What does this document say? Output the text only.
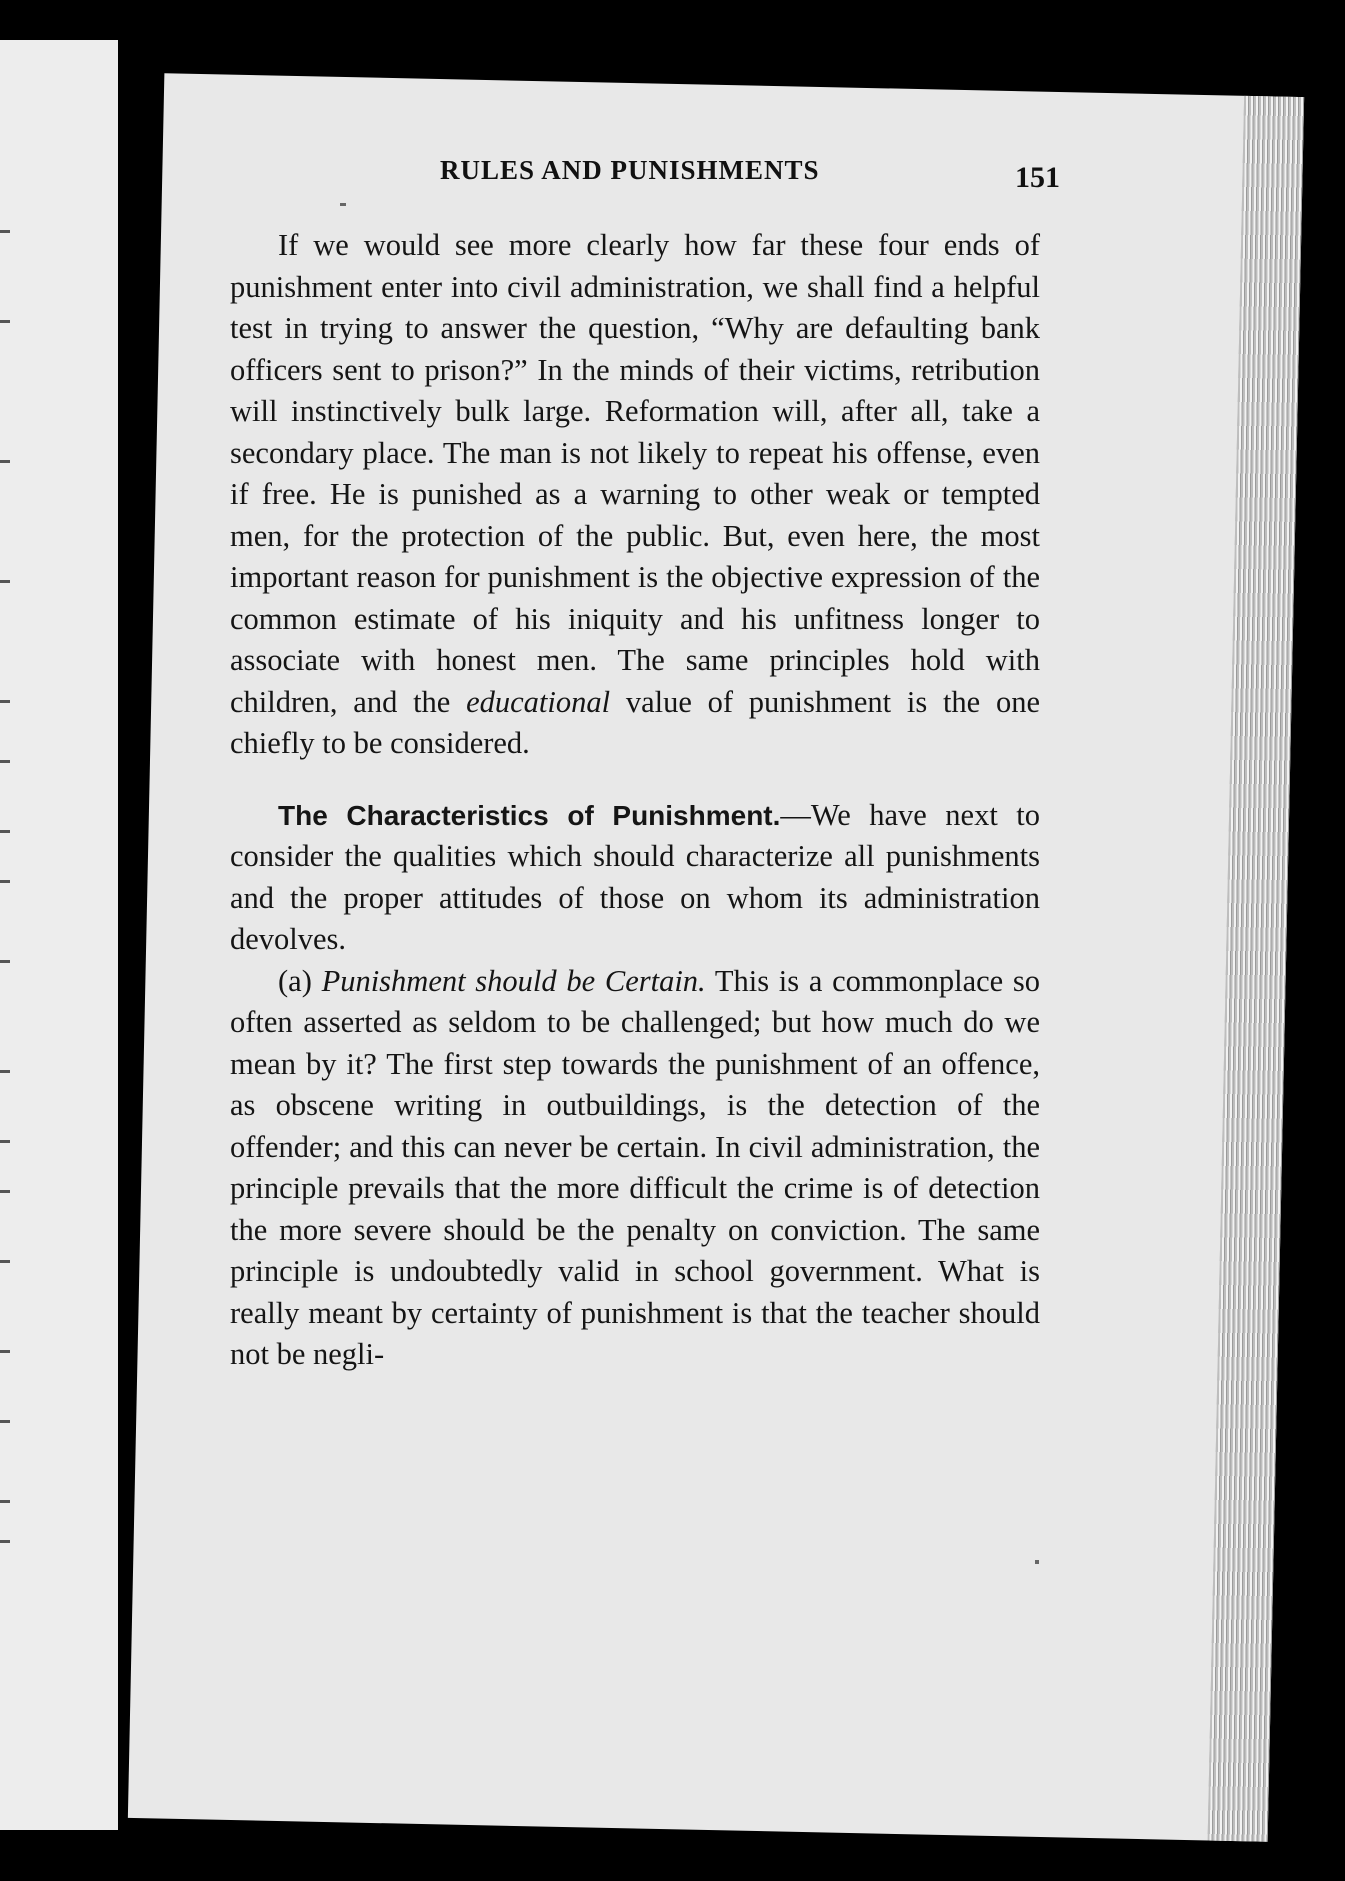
RULES AND PUNISHMENTS	151

If we would see more clearly how far these four ends of punishment enter into civil administration, we shall find a helpful test in trying to answer the question, “Why are defaulting bank officers sent to prison?” In the minds of their victims, retribution will instinctively bulk large. Reformation will, after all, take a secondary place. The man is not likely to repeat his offense, even if free. He is punished as a warning to other weak or tempted men, for the protection of the public. But, even here, the most important reason for punishment is the objective expression of the common estimate of his iniquity and his unfitness longer to associate with honest men. The same principles hold with children, and the educational value of punishment is the one chiefly to be considered.

The Characteristics of Punishment.—We have next to consider the qualities which should characterize all punishments and the proper attitudes of those on whom its administration devolves.

(a) Punishment should be Certain. This is a commonplace so often asserted as seldom to be challenged; but how much do we mean by it? The first step towards the punishment of an offence, as obscene writing in outbuildings, is the detection of the offender; and this can never be certain. In civil administration, the principle prevails that the more difficult the crime is of detection the more severe should be the penalty on conviction. The same principle is undoubtedly valid in school government. What is really meant by certainty of punishment is that the teacher should not be negli-
